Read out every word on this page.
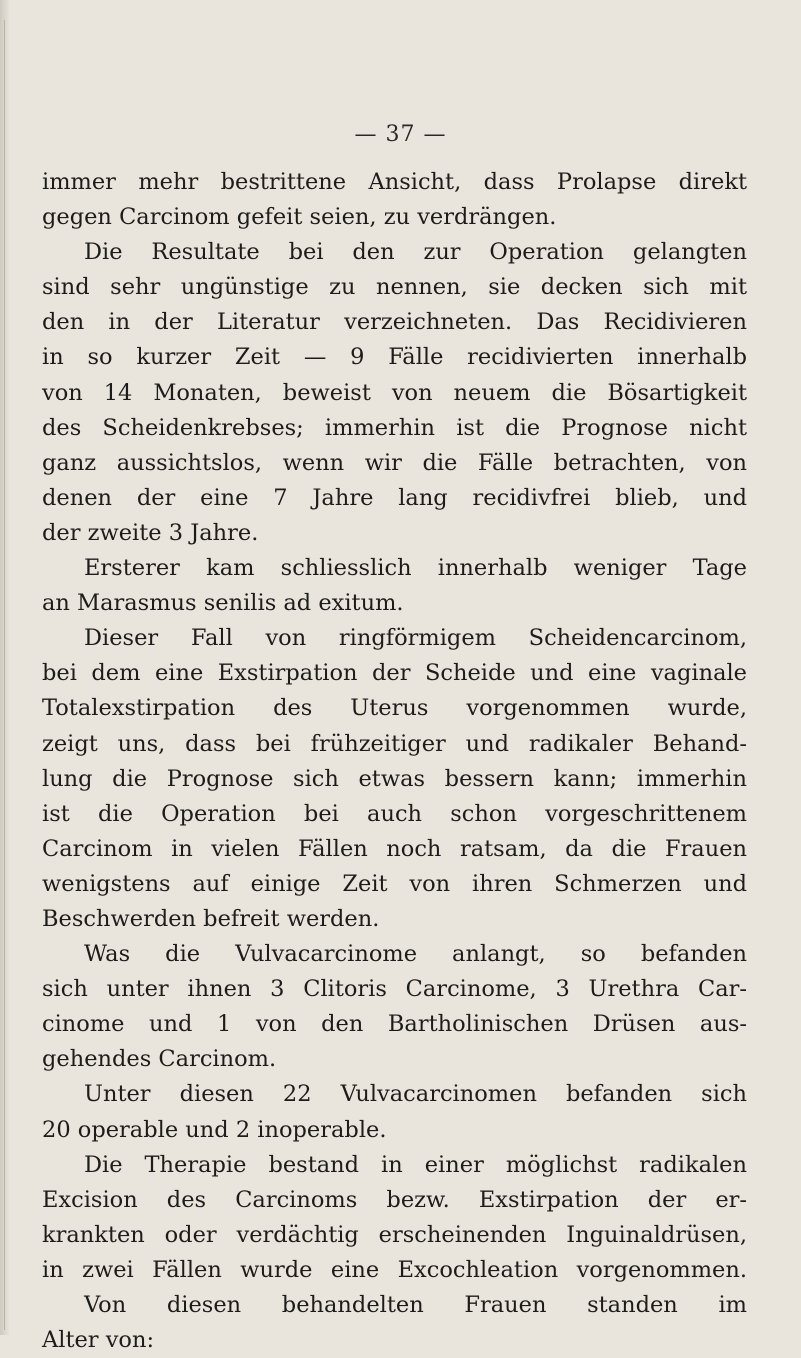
— 37 —
immer mehr bestrittene Ansicht, dass Prolapse direkt
gegen Carcinom gefeit seien, zu verdrängen.
Die Resultate bei den zur Operation gelangten
sind sehr ungünstige zu nennen, sie decken sich mit
den in der Literatur verzeichneten. Das Recidivieren
in so kurzer Zeit — 9 Fälle recidivierten innerhalb
von 14 Monaten, beweist von neuem die Bösartigkeit
des Scheidenkrebses; immerhin ist die Prognose nicht
ganz aussichtslos, wenn wir die Fälle betrachten, von
denen der eine 7 Jahre lang recidivfrei blieb, und
der zweite 3 Jahre.
Ersterer kam schliesslich innerhalb weniger Tage
an Marasmus senilis ad exitum.
Dieser Fall von ringförmigem Scheidencarcinom,
bei dem eine Exstirpation der Scheide und eine vaginale
Totalexstirpation des Uterus vorgenommen wurde,
zeigt uns, dass bei frühzeitiger und radikaler Behand-
lung die Prognose sich etwas bessern kann; immerhin
ist die Operation bei auch schon vorgeschrittenem
Carcinom in vielen Fällen noch ratsam, da die Frauen
wenigstens auf einige Zeit von ihren Schmerzen und
Beschwerden befreit werden.
Was die Vulvacarcinome anlangt, so befanden
sich unter ihnen 3 Clitoris Carcinome, 3 Urethra Car-
cinome und 1 von den Bartholinischen Drüsen aus-
gehendes Carcinom.
Unter diesen 22 Vulvacarcinomen befanden sich
20 operable und 2 inoperable.
Die Therapie bestand in einer möglichst radikalen
Excision des Carcinoms bezw. Exstirpation der er-
krankten oder verdächtig erscheinenden Inguinaldrüsen,
in zwei Fällen wurde eine Excochleation vorgenommen.
Von diesen behandelten Frauen standen im
Alter von:
